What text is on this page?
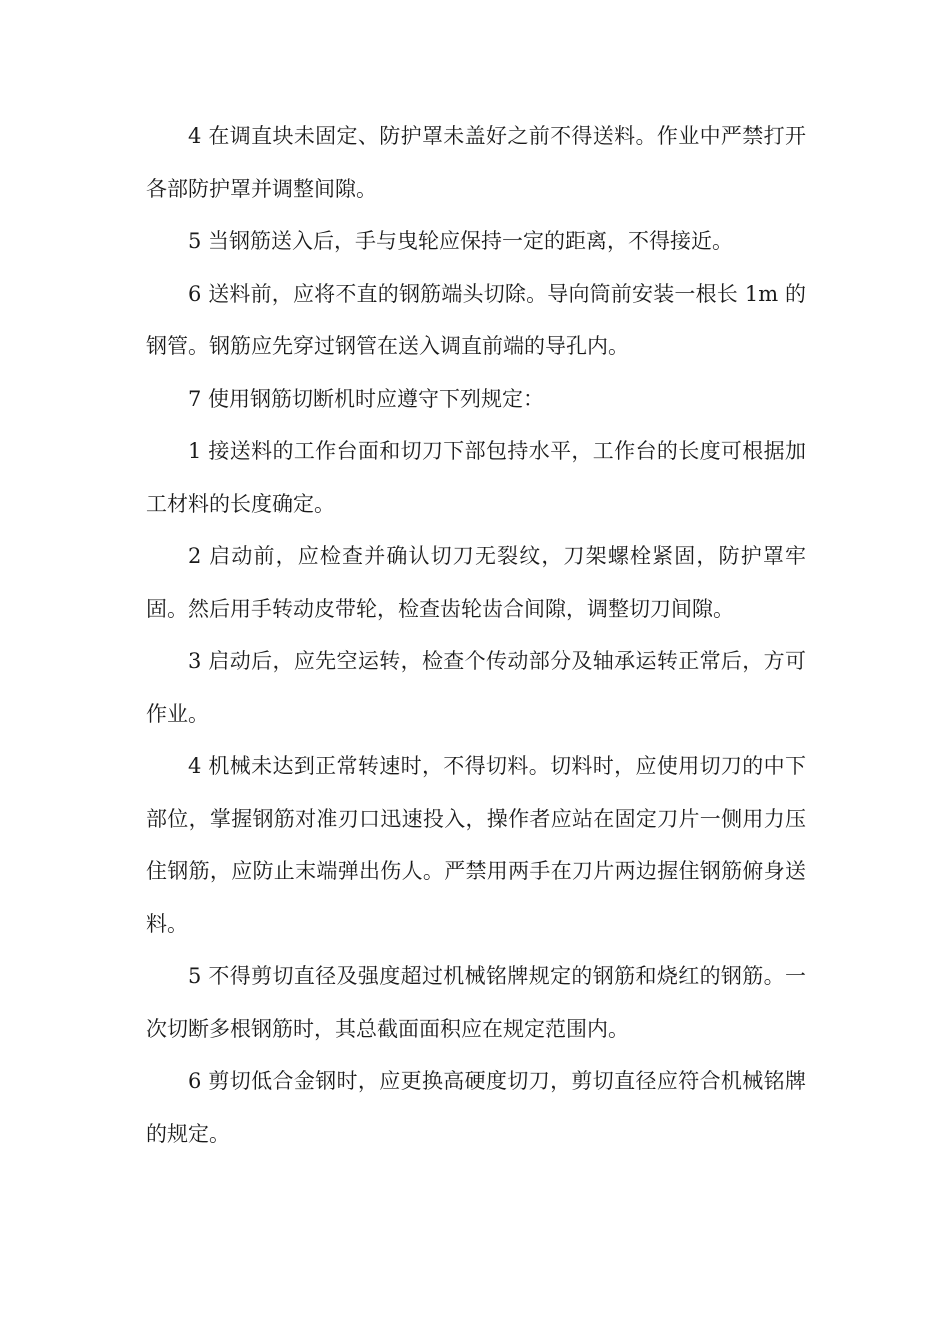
4 在调直块未固定、防护罩未盖好之前不得送料。作业中严禁打开各部防护罩并调整间隙。

5 当钢筋送入后，手与曳轮应保持一定的距离，不得接近。

6 送料前，应将不直的钢筋端头切除。导向筒前安装一根长 1m 的钢管。钢筋应先穿过钢管在送入调直前端的导孔内。

7 使用钢筋切断机时应遵守下列规定：

1 接送料的工作台面和切刀下部包持水平，工作台的长度可根据加工材料的长度确定。

2 启动前，应检查并确认切刀无裂纹，刀架螺栓紧固，防护罩牢固。然后用手转动皮带轮，检查齿轮齿合间隙，调整切刀间隙。

3 启动后，应先空运转，检查个传动部分及轴承运转正常后，方可作业。

4 机械未达到正常转速时，不得切料。切料时，应使用切刀的中下部位，掌握钢筋对准刃口迅速投入，操作者应站在固定刀片一侧用力压住钢筋，应防止末端弹出伤人。严禁用两手在刀片两边握住钢筋俯身送料。

5 不得剪切直径及强度超过机械铭牌规定的钢筋和烧红的钢筋。一次切断多根钢筋时，其总截面面积应在规定范围内。

6 剪切低合金钢时，应更换高硬度切刀，剪切直径应符合机械铭牌的规定。
